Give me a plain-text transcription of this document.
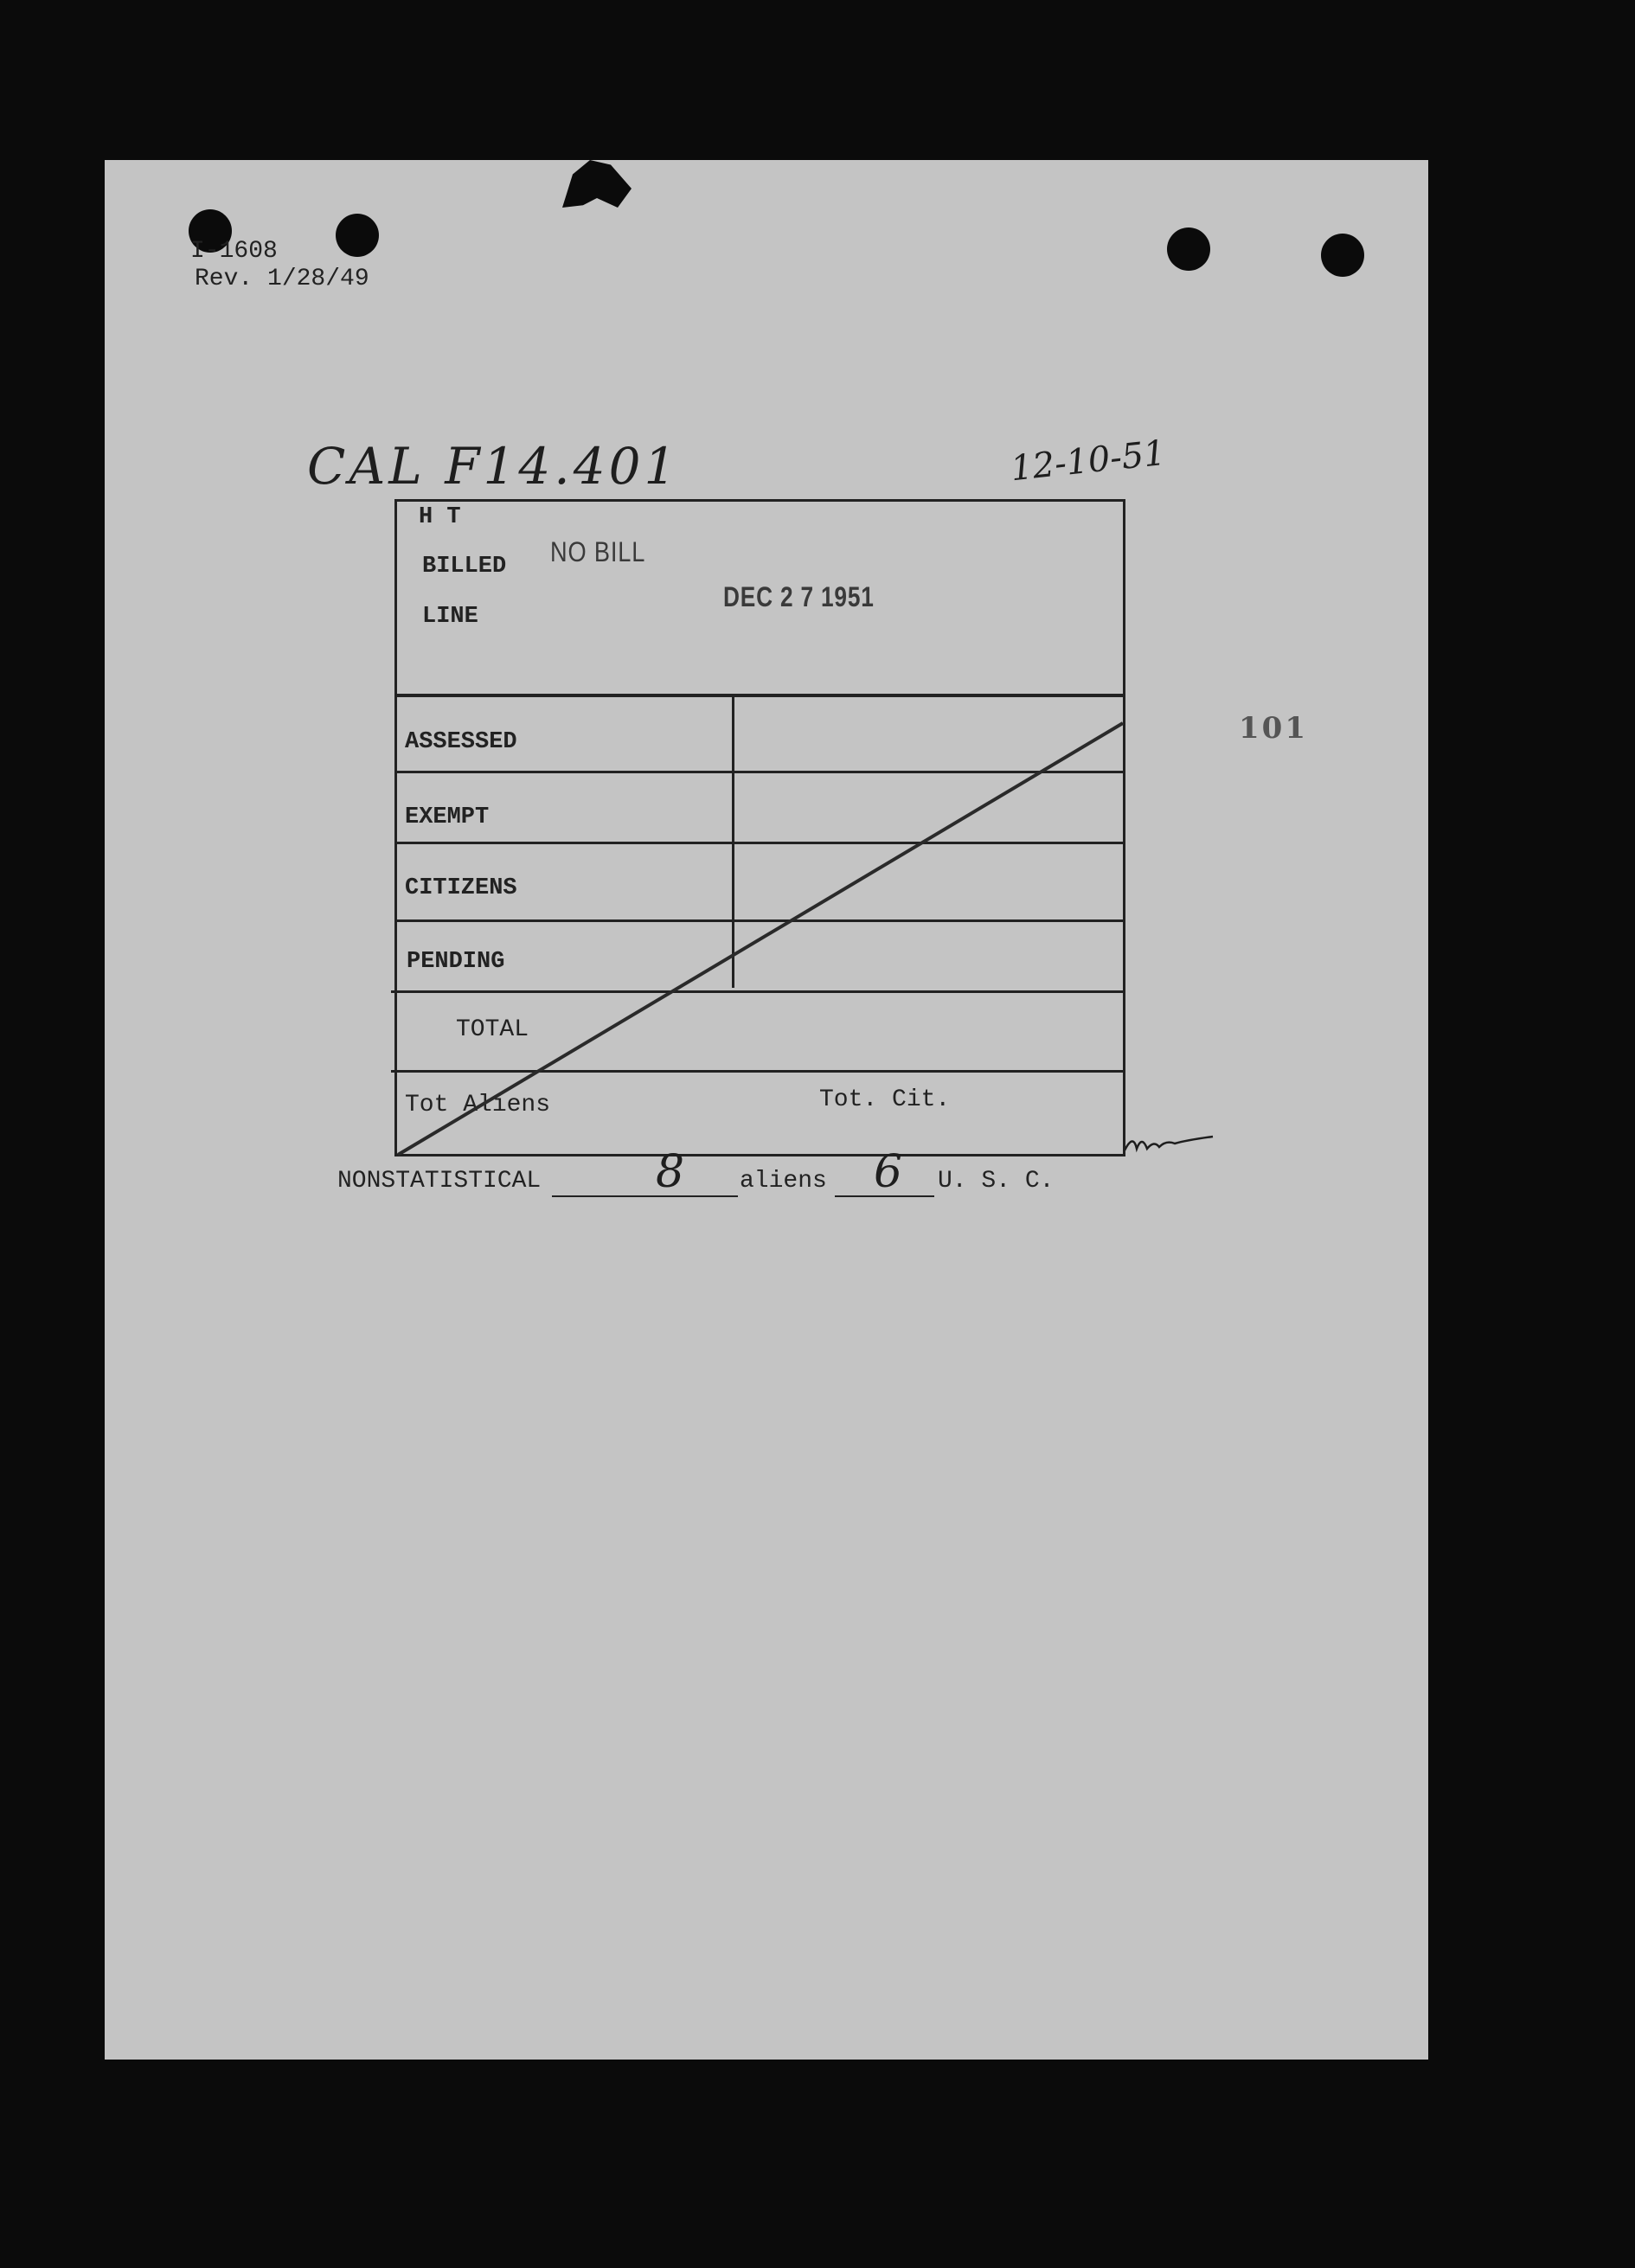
I-1608
Rev. 1/28/49
CAL F14.401	12-10-51
H T
BILLED
LINE
NO BILL
DEC 2 7 1951
ASSESSED
EXEMPT
CITIZENS
PENDING
TOTAL
Tot Aliens	Tot. Cit.
101
NONSTATISTICAL	8 aliens 6 U. S. C.
